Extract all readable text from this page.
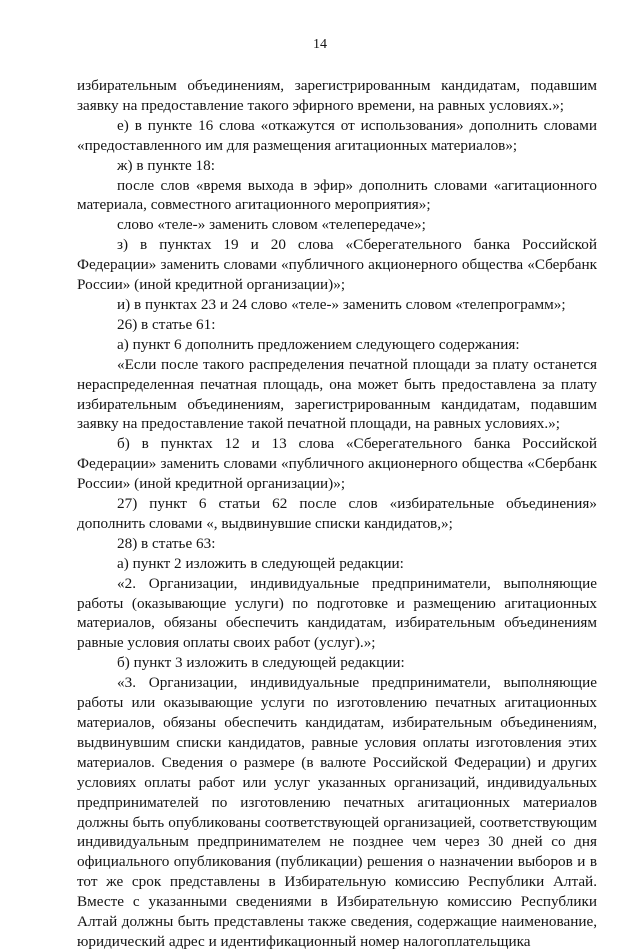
14

избирательным объединениям, зарегистрированным кандидатам, подавшим заявку на предоставление такого эфирного времени, на равных условиях.»;

е) в пункте 16 слова «откажутся от использования» дополнить словами «предоставленного им для размещения агитационных материалов»;

ж) в пункте 18:

после слов «время выхода в эфир» дополнить словами «агитационного материала, совместного агитационного мероприятия»;

слово «теле-» заменить словом «телепередаче»;

з) в пунктах 19 и 20 слова «Сберегательного банка Российской Федерации» заменить словами «публичного акционерного общества «Сбербанк России» (иной кредитной организации)»;

и) в пунктах 23 и 24 слово «теле-» заменить словом «телепрограмм»;

26) в статье 61:

а) пункт 6 дополнить предложением следующего содержания:

«Если после такого распределения печатной площади за плату останется нераспределенная печатная площадь, она может быть предоставлена за плату избирательным объединениям, зарегистрированным кандидатам, подавшим заявку на предоставление такой печатной площади, на равных условиях.»;

б) в пунктах 12 и 13 слова «Сберегательного банка Российской Федерации» заменить словами «публичного акционерного общества «Сбербанк России» (иной кредитной организации)»;

27) пункт 6 статьи 62 после слов «избирательные объединения» дополнить словами «, выдвинувшие списки кандидатов,»;

28) в статье 63:

а) пункт 2 изложить в следующей редакции:

«2. Организации, индивидуальные предприниматели, выполняющие работы (оказывающие услуги) по подготовке и размещению агитационных материалов, обязаны обеспечить кандидатам, избирательным объединениям равные условия оплаты своих работ (услуг).»;

б) пункт 3 изложить в следующей редакции:

«3. Организации, индивидуальные предприниматели, выполняющие работы или оказывающие услуги по изготовлению печатных агитационных материалов, обязаны обеспечить кандидатам, избирательным объединениям, выдвинувшим списки кандидатов, равные условия оплаты изготовления этих материалов. Сведения о размере (в валюте Российской Федерации) и других условиях оплаты работ или услуг указанных организаций, индивидуальных предпринимателей по изготовлению печатных агитационных материалов должны быть опубликованы соответствующей организацией, соответствующим индивидуальным предпринимателем не позднее чем через 30 дней со дня официального опубликования (публикации) решения о назначении выборов и в тот же срок представлены в Избирательную комиссию Республики Алтай. Вместе с указанными сведениями в Избирательную комиссию Республики Алтай должны быть представлены также сведения, содержащие наименование, юридический адрес и идентификационный номер налогоплательщика
